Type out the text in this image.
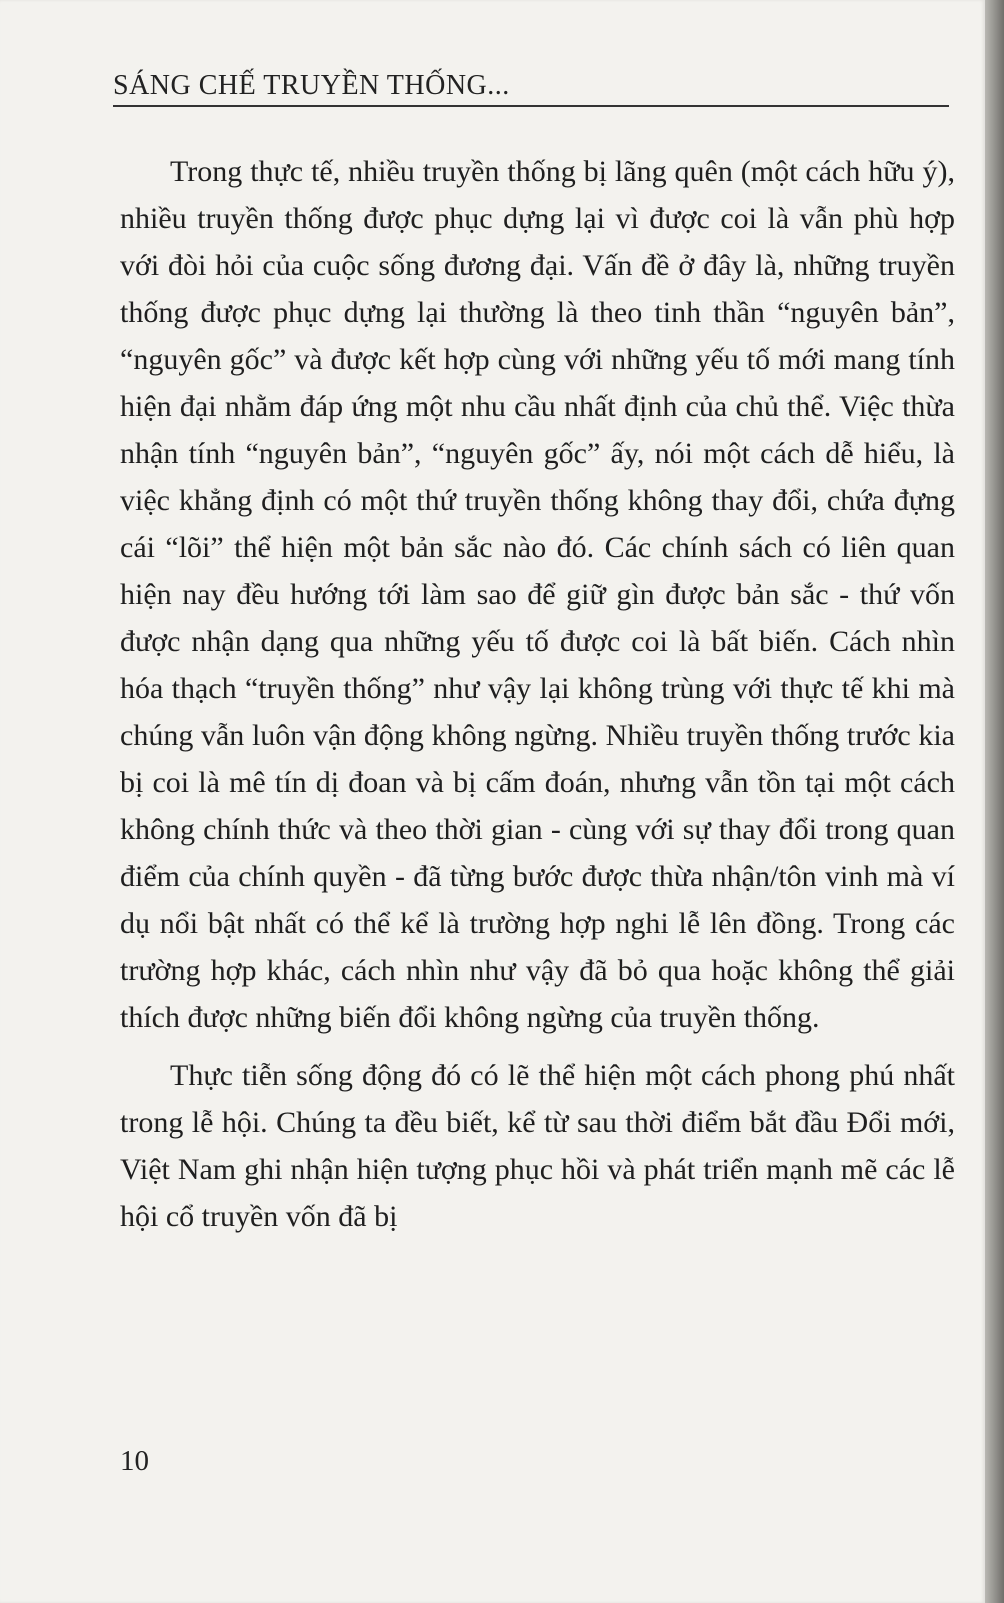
SÁNG CHẾ TRUYỀN THỐNG...

Trong thực tế, nhiều truyền thống bị lãng quên (một cách hữu ý), nhiều truyền thống được phục dựng lại vì được coi là vẫn phù hợp với đòi hỏi của cuộc sống đương đại. Vấn đề ở đây là, những truyền thống được phục dựng lại thường là theo tinh thần “nguyên bản”, “nguyên gốc” và được kết hợp cùng với những yếu tố mới mang tính hiện đại nhằm đáp ứng một nhu cầu nhất định của chủ thể. Việc thừa nhận tính “nguyên bản”, “nguyên gốc” ấy, nói một cách dễ hiểu, là việc khẳng định có một thứ truyền thống không thay đổi, chứa đựng cái “lõi” thể hiện một bản sắc nào đó. Các chính sách có liên quan hiện nay đều hướng tới làm sao để giữ gìn được bản sắc - thứ vốn được nhận dạng qua những yếu tố được coi là bất biến. Cách nhìn hóa thạch “truyền thống” như vậy lại không trùng với thực tế khi mà chúng vẫn luôn vận động không ngừng. Nhiều truyền thống trước kia bị coi là mê tín dị đoan và bị cấm đoán, nhưng vẫn tồn tại một cách không chính thức và theo thời gian - cùng với sự thay đổi trong quan điểm của chính quyền - đã từng bước được thừa nhận/tôn vinh mà ví dụ nổi bật nhất có thể kể là trường hợp nghi lễ lên đồng. Trong các trường hợp khác, cách nhìn như vậy đã bỏ qua hoặc không thể giải thích được những biến đổi không ngừng của truyền thống.

Thực tiễn sống động đó có lẽ thể hiện một cách phong phú nhất trong lễ hội. Chúng ta đều biết, kể từ sau thời điểm bắt đầu Đổi mới, Việt Nam ghi nhận hiện tượng phục hồi và phát triển mạnh mẽ các lễ hội cổ truyền vốn đã bị

10
